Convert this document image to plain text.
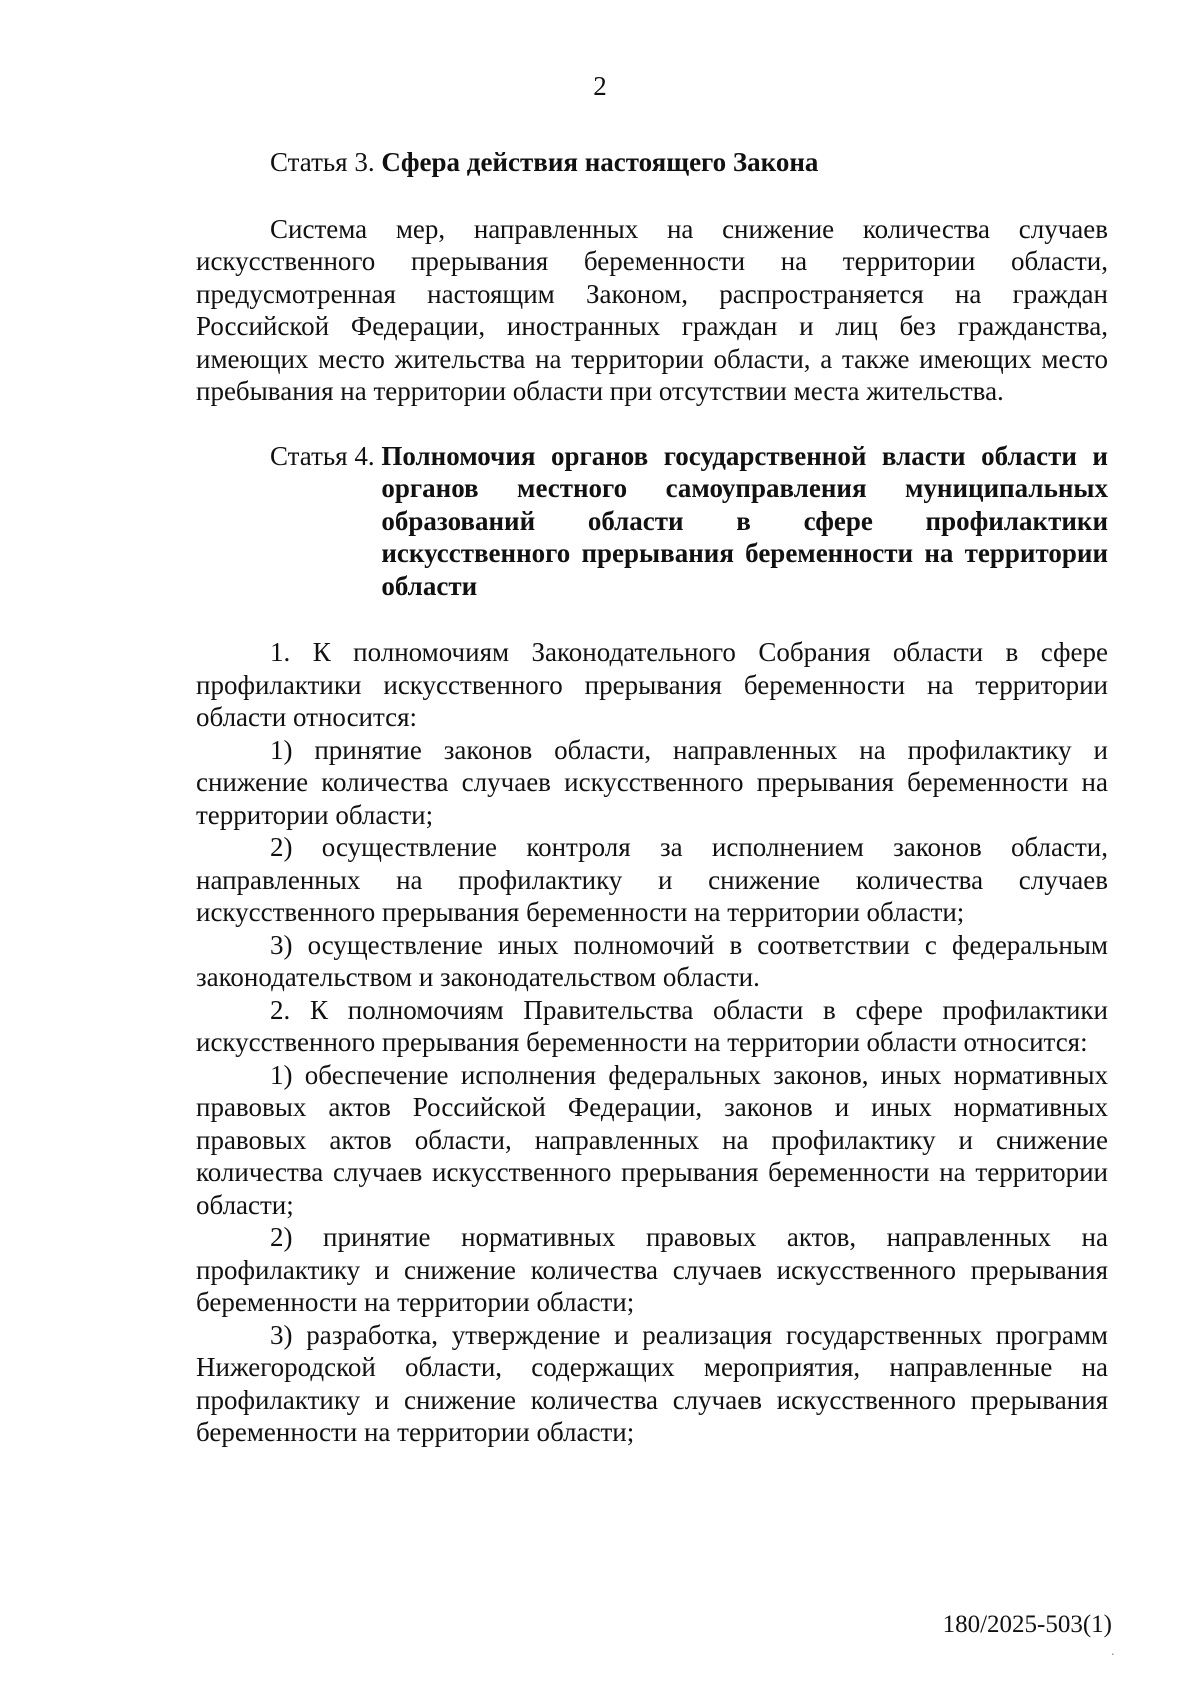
2
Статья 3. Сфера действия настоящего Закона

Система мер, направленных на снижение количества случаев искусственного прерывания беременности на территории области, предусмотренная настоящим Законом, распространяется на граждан Российской Федерации, иностранных граждан и лиц без гражданства, имеющих место жительства на территории области, а также имеющих место пребывания на территории области при отсутствии места жительства.

Статья 4. Полномочия органов государственной власти области и органов местного самоуправления муниципальных образований области в сфере профилактики искусственного прерывания беременности на территории области

1. К полномочиям Законодательного Собрания области в сфере профилактики искусственного прерывания беременности на территории области относится:

1) принятие законов области, направленных на профилактику и снижение количества случаев искусственного прерывания беременности на территории области;

2) осуществление контроля за исполнением законов области, направленных на профилактику и снижение количества случаев искусственного прерывания беременности на территории области;

3) осуществление иных полномочий в соответствии с федеральным законодательством и законодательством области.

2. К полномочиям Правительства области в сфере профилактики искусственного прерывания беременности на территории области относится:

1) обеспечение исполнения федеральных законов, иных нормативных правовых актов Российской Федерации, законов и иных нормативных правовых актов области, направленных на профилактику и снижение количества случаев искусственного прерывания беременности на территории области;

2) принятие нормативных правовых актов, направленных на профилактику и снижение количества случаев искусственного прерывания беременности на территории области;

3) разработка, утверждение и реализация государственных программ Нижегородской области, содержащих мероприятия, направленные на профилактику и снижение количества случаев искусственного прерывания беременности на территории области;

180/2025-503(1)
·
